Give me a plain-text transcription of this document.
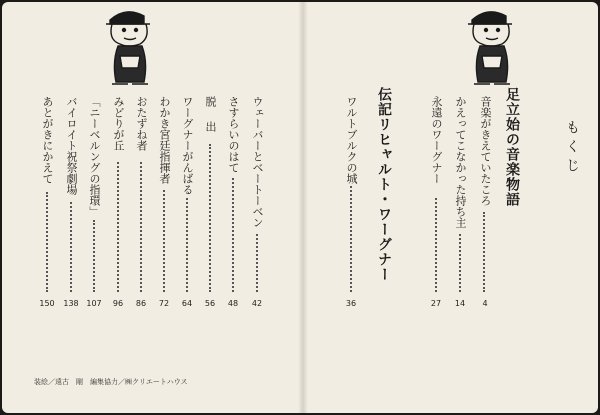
もくじ
足立始の音楽物語
伝記リヒャルト・ワーグナー	音楽がきえていたころ
4
かえってこなかった持ち主
14
永遠のワーグナー
27
ワルトブルクの城
36
ウェーバーとベートーベン
42
さすらいのはて
48
脱出
56
ワーグナーがんばる
64
わかき宮廷指揮者
72
おたずね者
86
みどりが丘
96
「ニーベルングの指環」
107
バイロイト祝祭劇場
138
あとがきにかえて
150
装絵／遠古　剛　編集協力／㈱クリエートハウス
